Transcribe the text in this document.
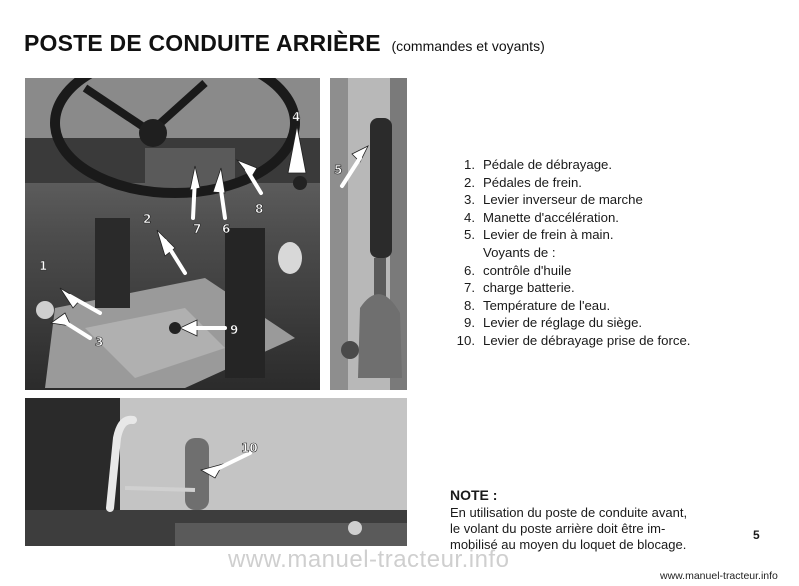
POSTE DE CONDUITE ARRIÈRE (commandes et voyants)
1
2
3
4
6
7
8
9
5
10
1. Pédale de débrayage.
2. Pédales de frein.
3. Levier inverseur de marche
4. Manette d'accélération.
5. Levier de frein à main.
Voyants de :
6. contrôle d'huile
7. charge batterie.
8. Température de l'eau.
9. Levier de réglage du siège.
10. Levier de débrayage prise de force.
NOTE :
En utilisation du poste de conduite avant,
le volant du poste arrière doit être im-
mobilisé au moyen du loquet de blocage.
5
www.manuel-tracteur.info
www.manuel-tracteur.info
